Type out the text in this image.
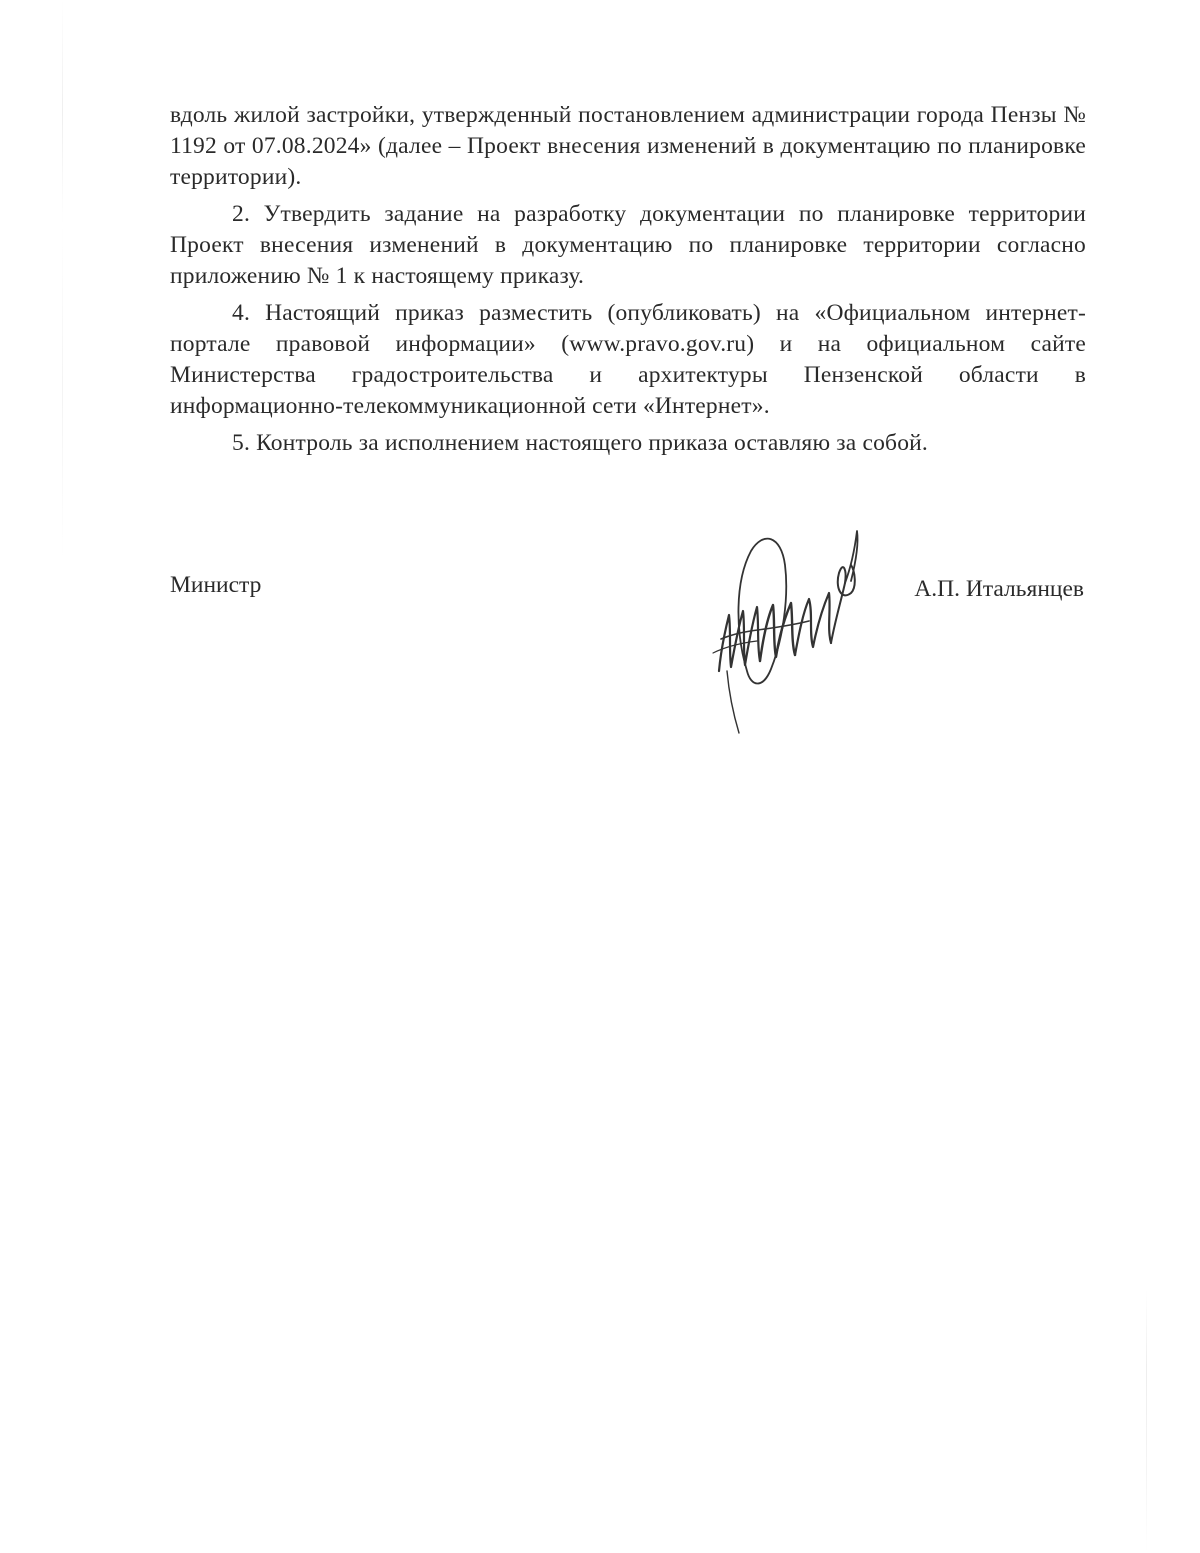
вдоль жилой застройки, утвержденный постановлением администрации города Пензы № 1192 от 07.08.2024» (далее – Проект внесения изменений в документацию по планировке территории).

2. Утвердить задание на разработку документации по планировке территории Проект внесения изменений в документацию по планировке территории согласно приложению № 1 к настоящему приказу.

4. Настоящий приказ разместить (опубликовать) на «Официальном интернет-портале правовой информации» (www.pravo.gov.ru) и на официальном сайте Министерства градостроительства и архитектуры Пензенской области в информационно-телекоммуникационной сети «Интернет».

5. Контроль за исполнением настоящего приказа оставляю за собой.

Министр	А.П. Итальянцев
